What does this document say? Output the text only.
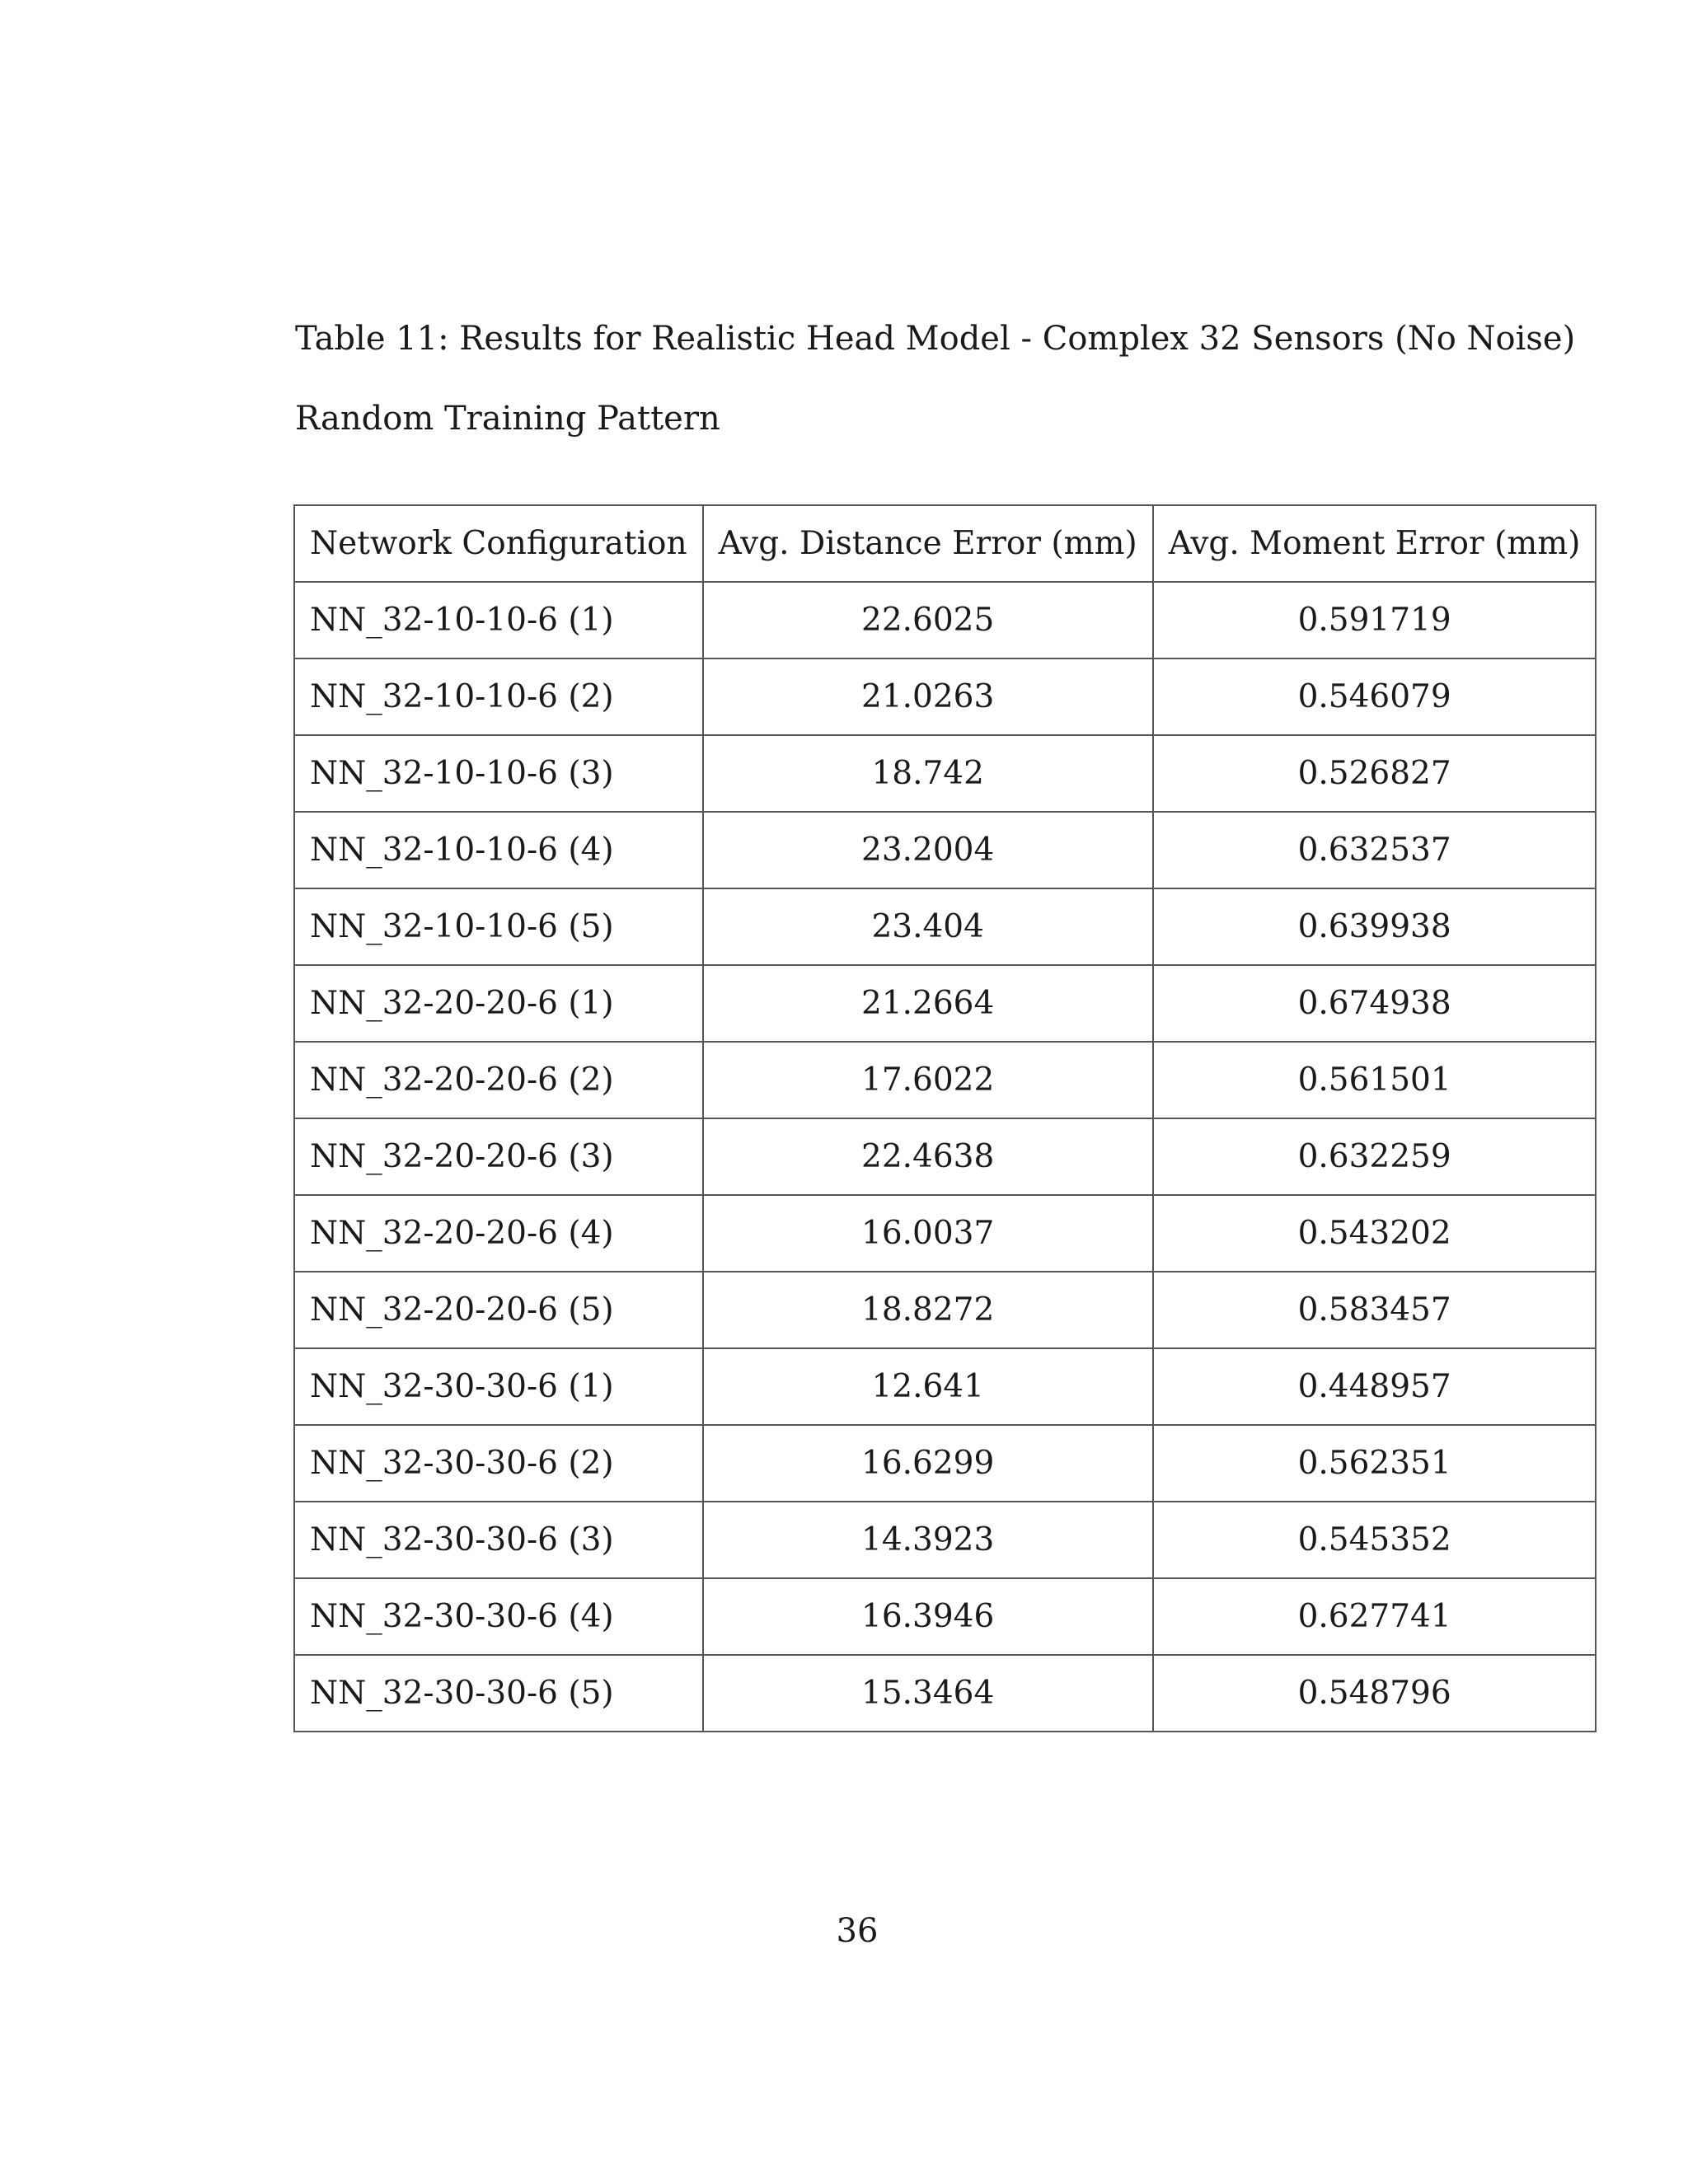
Table 11: Results for Realistic Head Model - Complex 32 Sensors (No Noise)
Random Training Pattern
Network Configuration	Avg. Distance Error (mm)	Avg. Moment Error (mm)
NN_32-10-10-6 (1)	22.6025	0.591719
NN_32-10-10-6 (2)	21.0263	0.546079
NN_32-10-10-6 (3)	18.742	0.526827
NN_32-10-10-6 (4)	23.2004	0.632537
NN_32-10-10-6 (5)	23.404	0.639938
NN_32-20-20-6 (1)	21.2664	0.674938
NN_32-20-20-6 (2)	17.6022	0.561501
NN_32-20-20-6 (3)	22.4638	0.632259
NN_32-20-20-6 (4)	16.0037	0.543202
NN_32-20-20-6 (5)	18.8272	0.583457
NN_32-30-30-6 (1)	12.641	0.448957
NN_32-30-30-6 (2)	16.6299	0.562351
NN_32-30-30-6 (3)	14.3923	0.545352
NN_32-30-30-6 (4)	16.3946	0.627741
NN_32-30-30-6 (5)	15.3464	0.548796
36
